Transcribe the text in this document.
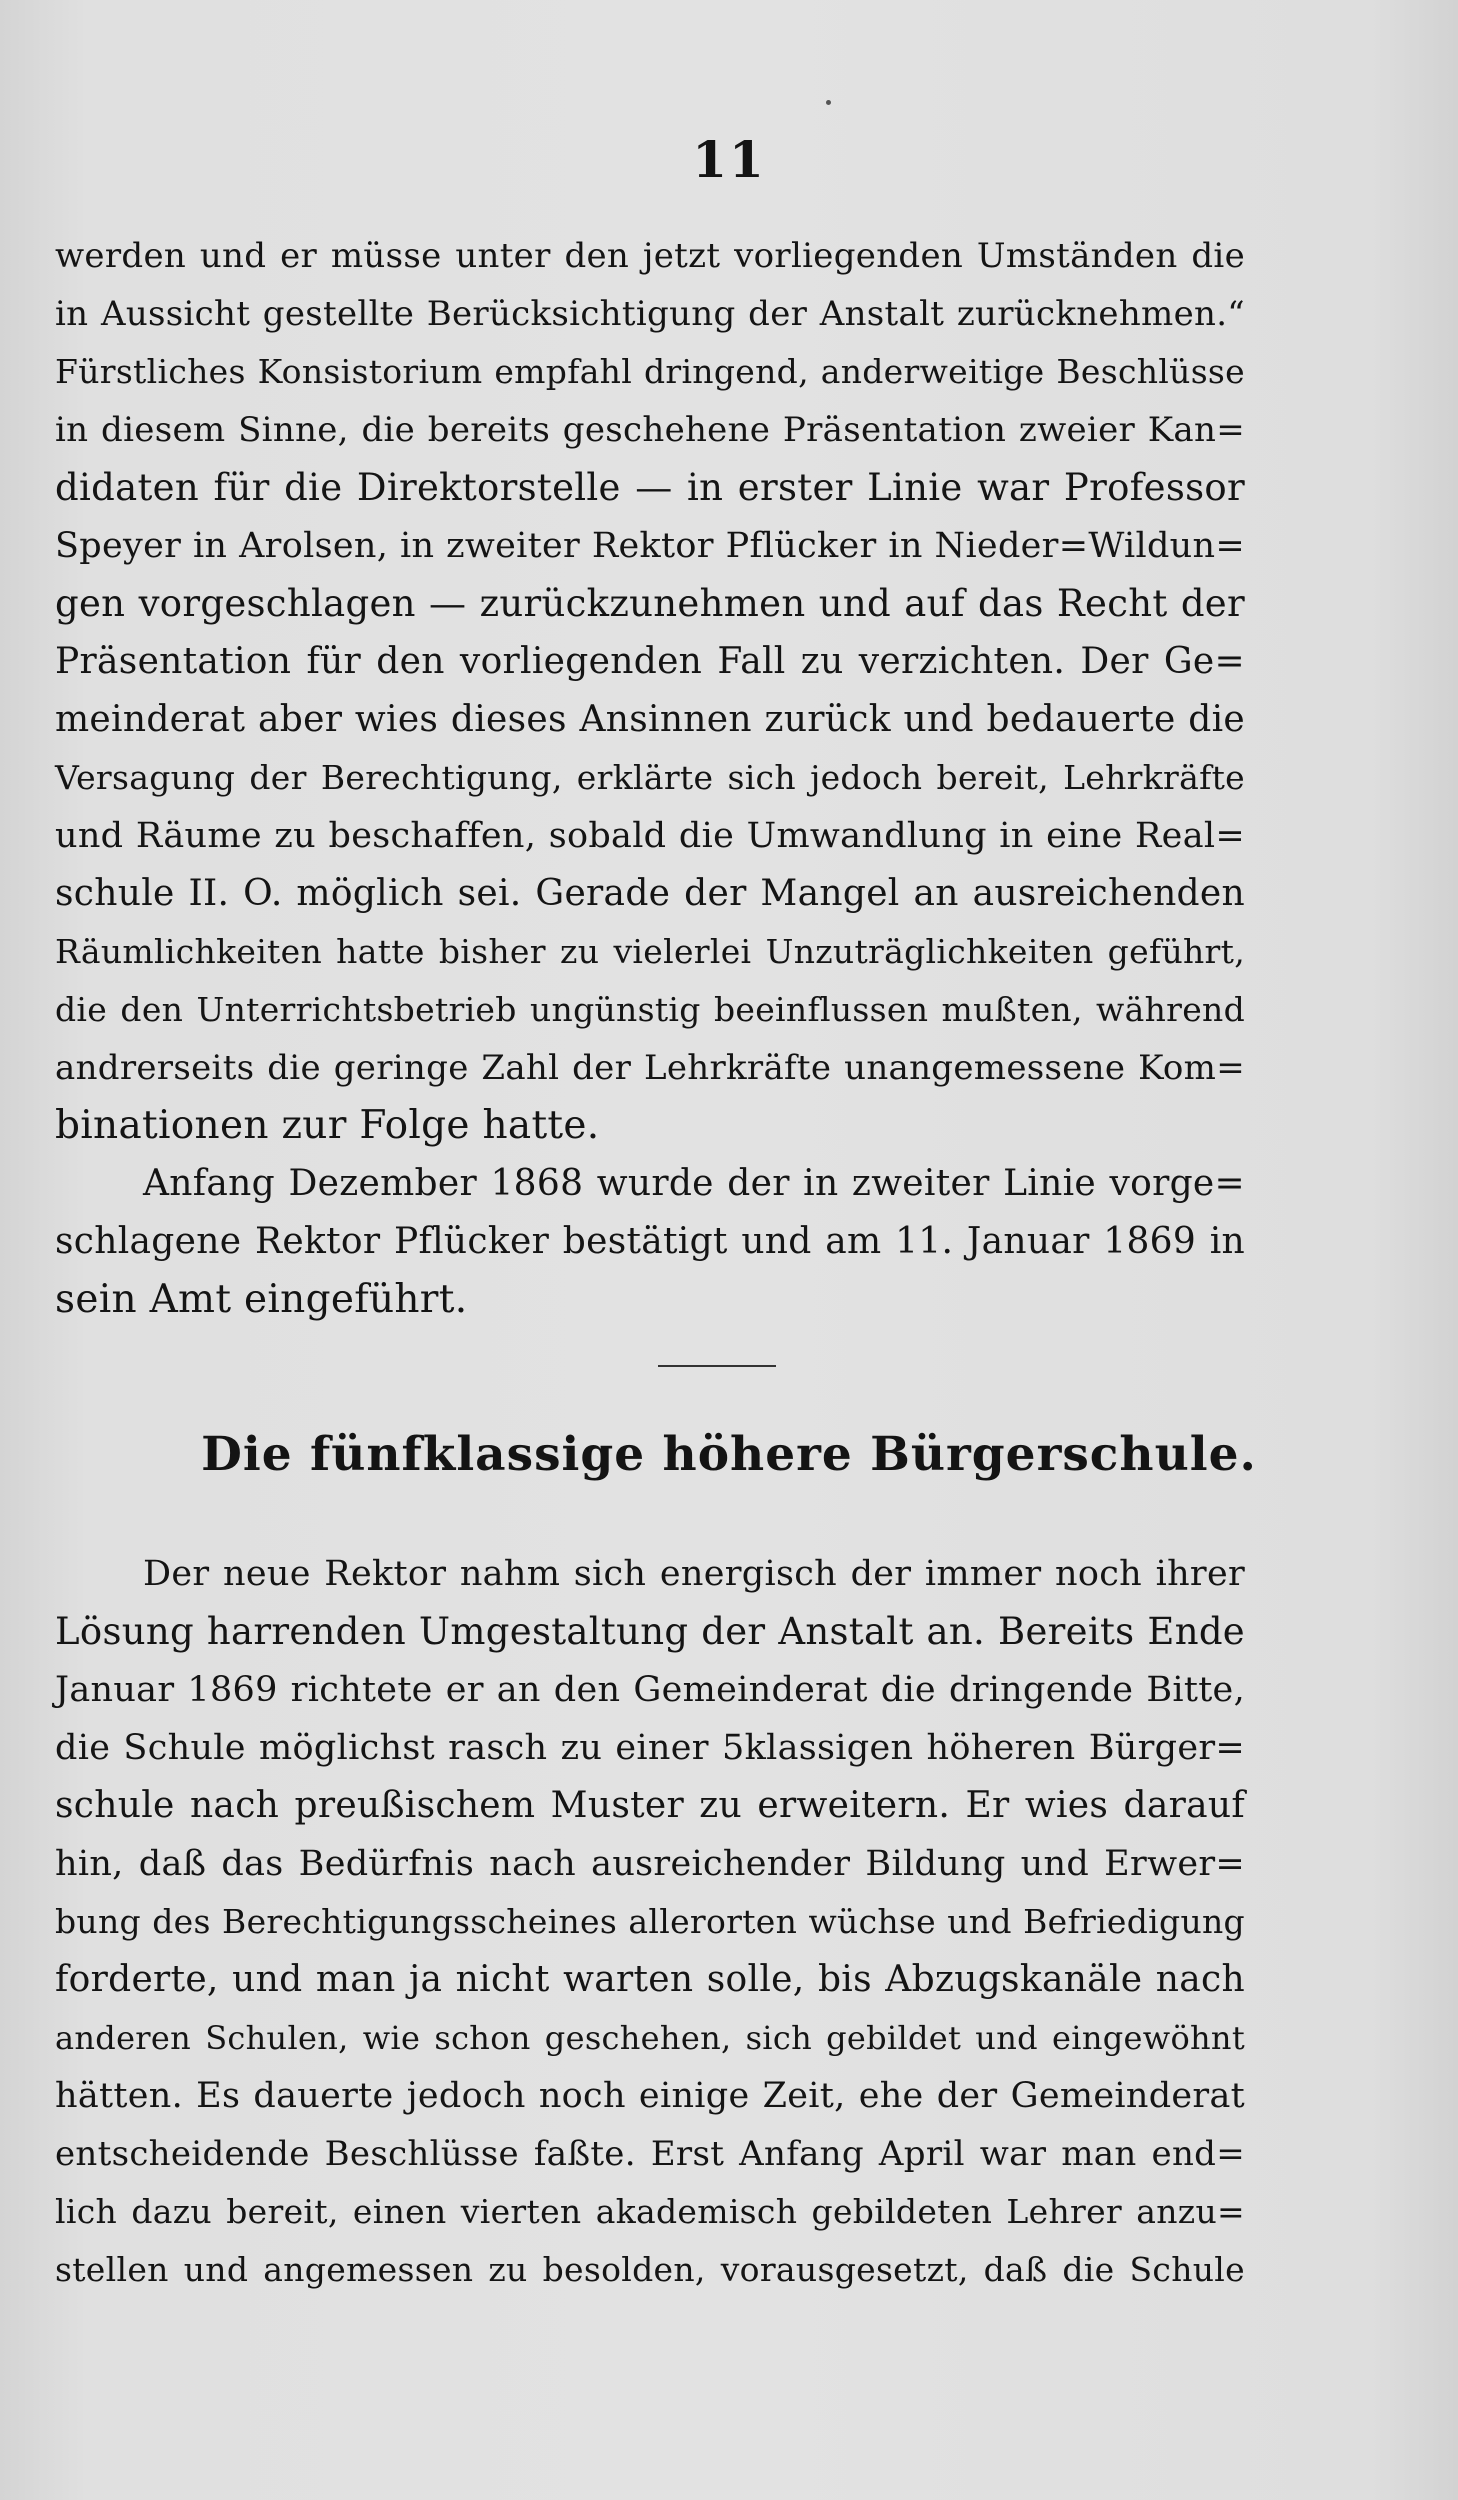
11
werden und er müsse unter den jetzt vorliegenden Umständen die
in Aussicht gestellte Berücksichtigung der Anstalt zurücknehmen.“
Fürstliches Konsistorium empfahl dringend, anderweitige Beschlüsse
in diesem Sinne, die bereits geschehene Präsentation zweier Kan=
didaten für die Direktorstelle — in erster Linie war Professor
Speyer in Arolsen, in zweiter Rektor Pflücker in Nieder=Wildun=
gen vorgeschlagen — zurückzunehmen und auf das Recht der
Präsentation für den vorliegenden Fall zu verzichten. Der Ge=
meinderat aber wies dieses Ansinnen zurück und bedauerte die
Versagung der Berechtigung, erklärte sich jedoch bereit, Lehrkräfte
und Räume zu beschaffen, sobald die Umwandlung in eine Real=
schule II. O. möglich sei. Gerade der Mangel an ausreichenden
Räumlichkeiten hatte bisher zu vielerlei Unzuträglichkeiten geführt,
die den Unterrichtsbetrieb ungünstig beeinflussen mußten, während
andrerseits die geringe Zahl der Lehrkräfte unangemessene Kom=
binationen zur Folge hatte.
Anfang Dezember 1868 wurde der in zweiter Linie vorge=
schlagene Rektor Pflücker bestätigt und am 11. Januar 1869 in
sein Amt eingeführt.
Die fünfklassige höhere Bürgerschule.
Der neue Rektor nahm sich energisch der immer noch ihrer
Lösung harrenden Umgestaltung der Anstalt an. Bereits Ende
Januar 1869 richtete er an den Gemeinderat die dringende Bitte,
die Schule möglichst rasch zu einer 5klassigen höheren Bürger=
schule nach preußischem Muster zu erweitern. Er wies darauf
hin, daß das Bedürfnis nach ausreichender Bildung und Erwer=
bung des Berechtigungsscheines allerorten wüchse und Befriedigung
forderte, und man ja nicht warten solle, bis Abzugskanäle nach
anderen Schulen, wie schon geschehen, sich gebildet und eingewöhnt
hätten. Es dauerte jedoch noch einige Zeit, ehe der Gemeinderat
entscheidende Beschlüsse faßte. Erst Anfang April war man end=
lich dazu bereit, einen vierten akademisch gebildeten Lehrer anzu=
stellen und angemessen zu besolden, vorausgesetzt, daß die Schule
